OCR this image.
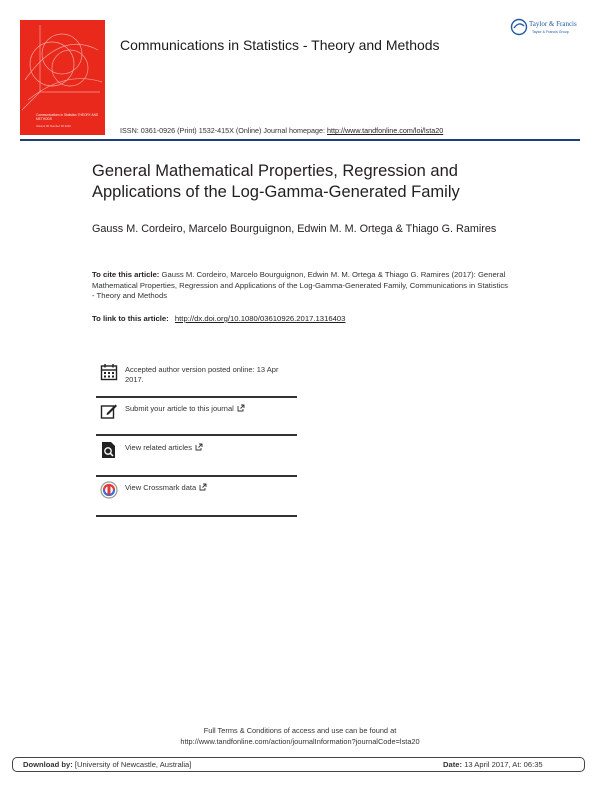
Communications in Statistics THEORY AND METHODS
Volume 00 Number 00 2016
Communications in Statistics - Theory and Methods
Taylor & Francis
Taylor & Francis Group
ISSN: 0361-0926 (Print) 1532-415X (Online) Journal homepage: http://www.tandfonline.com/loi/lsta20
General Mathematical Properties, Regression and Applications of the Log-Gamma-Generated Family
Gauss M. Cordeiro, Marcelo Bourguignon, Edwin M. M. Ortega & Thiago G. Ramires
To cite this article: Gauss M. Cordeiro, Marcelo Bourguignon, Edwin M. M. Ortega & Thiago G. Ramires (2017): General Mathematical Properties, Regression and Applications of the Log-Gamma-Generated Family, Communications in Statistics - Theory and Methods
To link to this article: http://dx.doi.org/10.1080/03610926.2017.1316403
Accepted author version posted online: 13 Apr 2017.
Submit your article to this journal
View related articles
View Crossmark data
Full Terms & Conditions of access and use can be found at
http://www.tandfonline.com/action/journalInformation?journalCode=lsta20
Download by: [University of Newcastle, Australia]	Date: 13 April 2017, At: 06:35
